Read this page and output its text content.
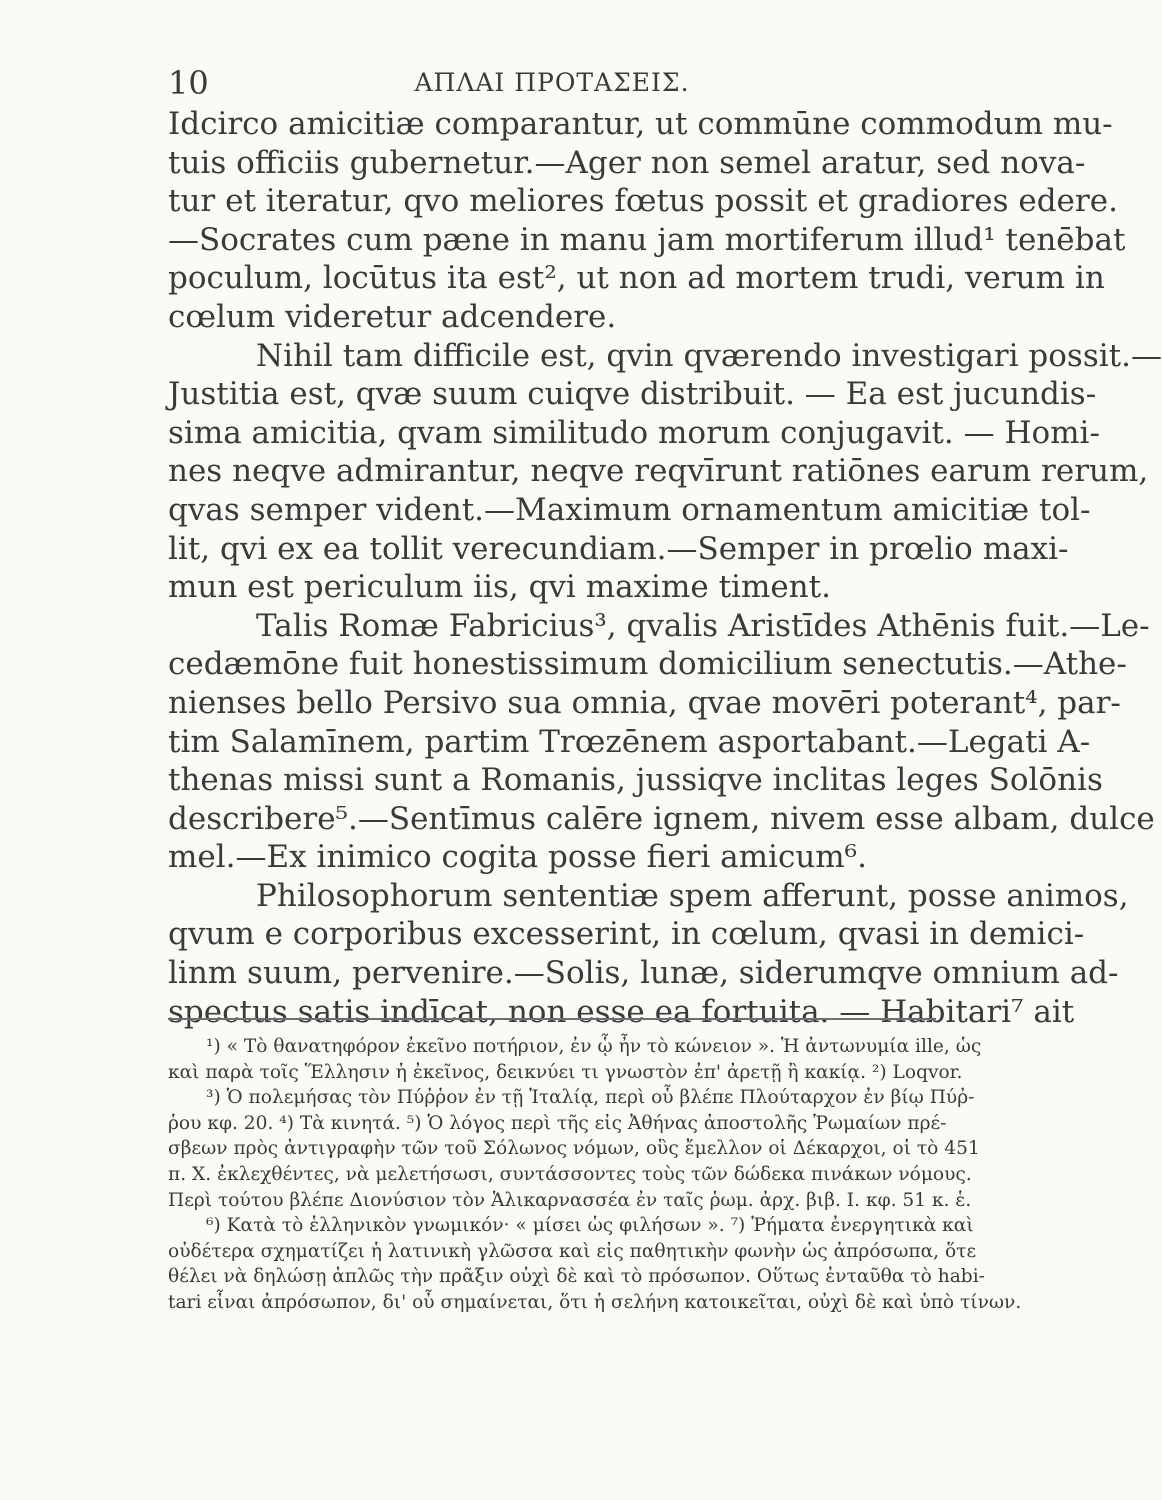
10	ΑΠΛΑΙ ΠΡΟΤΑΣΕΙΣ.
Idcirco amicitiæ comparantur, ut commūne commodum mu-
tuis officiis gubernetur.—Ager non semel aratur, sed nova-
tur et iteratur, qvo meliores fœtus possit et gradiores edere.
—Socrates cum pæne in manu jam mortiferum illud¹ tenēbat
poculum, locūtus ita est², ut non ad mortem trudi, verum in
cœlum videretur adcendere.
Nihil tam difficile est, qvin qværendo investigari possit.—
Justitia est, qvæ suum cuiqve distribuit. — Ea est jucundis-
sima amicitia, qvam similitudo morum conjugavit. — Homi-
nes neqve admirantur, neqve reqvīrunt ratiōnes earum rerum,
qvas semper vident.—Maximum ornamentum amicitiæ tol-
lit, qvi ex ea tollit verecundiam.—Semper in prœlio maxi-
mun est periculum iis, qvi maxime timent.
Talis Romæ Fabricius³, qvalis Aristīdes Athēnis fuit.—Le-
cedæmōne fuit honestissimum domicilium senectutis.—Athe-
nienses bello Persivo sua omnia, qvae movēri poterant⁴, par-
tim Salamīnem, partim Trœzēnem asportabant.—Legati A-
thenas missi sunt a Romanis, jussiqve inclitas leges Solōnis
describere⁵.—Sentīmus calēre ignem, nivem esse albam, dulce
mel.—Ex inimico cogita posse fieri amicum⁶.
Philosophorum sententiæ spem afferunt, posse animos,
qvum e corporibus excesserint, in cœlum, qvasi in demici-
linm suum, pervenire.—Solis, lunæ, siderumqve omnium ad-
spectus satis indīcat, non esse ea fortuita. — Habitari⁷ ait
¹) « Τὸ θανατηφόρον ἐκεῖνο ποτήριον, ἐν ᾧ ἦν τὸ κώνειον ». Ἡ ἀντωνυμία ille, ὡς
καὶ παρὰ τοῖς Ἕλλησιν ἡ ἐκεῖνος, δεικνύει τι γνωστὸν ἐπ' ἀρετῇ ἢ κακίᾳ. ²) Loqvor.
³) Ὁ πολεμήσας τὸν Πύῤῥον ἐν τῇ Ἰταλίᾳ, περὶ οὗ βλέπε Πλούταρχον ἐν βίῳ Πύῤ-
ῥου κφ. 20. ⁴) Τὰ κινητά. ⁵) Ὁ λόγος περὶ τῆς εἰς Ἀθήνας ἀποστολῆς Ῥωμαίων πρέ-
σβεων πρὸς ἀντιγραφὴν τῶν τοῦ Σόλωνος νόμων, οὓς ἔμελλον οἱ Δέκαρχοι, οἱ τὸ 451
π. Χ. ἐκλεχθέντες, νὰ μελετήσωσι, συντάσσοντες τοὺς τῶν δώδεκα πινάκων νόμους.
Περὶ τούτου βλέπε Διονύσιον τὸν Ἁλικαρνασσέα ἐν ταῖς ῥωμ. ἀρχ. βιβ. Ι. κφ. 51 κ. ἑ.
⁶) Κατὰ τὸ ἑλληνικὸν γνωμικόν· « μίσει ὡς φιλήσων ». ⁷) Ῥήματα ἐνεργητικὰ καὶ
οὐδέτερα σχηματίζει ἡ λατινικὴ γλῶσσα καὶ εἰς παθητικὴν φωνὴν ὡς ἀπρόσωπα, ὅτε
θέλει νὰ δηλώσῃ ἁπλῶς τὴν πρᾶξιν οὐχὶ δὲ καὶ τὸ πρόσωπον. Οὕτως ἐνταῦθα τὸ habi-
tari εἶναι ἀπρόσωπον, δι' οὗ σημαίνεται, ὅτι ἡ σελήνη κατοικεῖται, οὐχὶ δὲ καὶ ὑπὸ τίνων.
